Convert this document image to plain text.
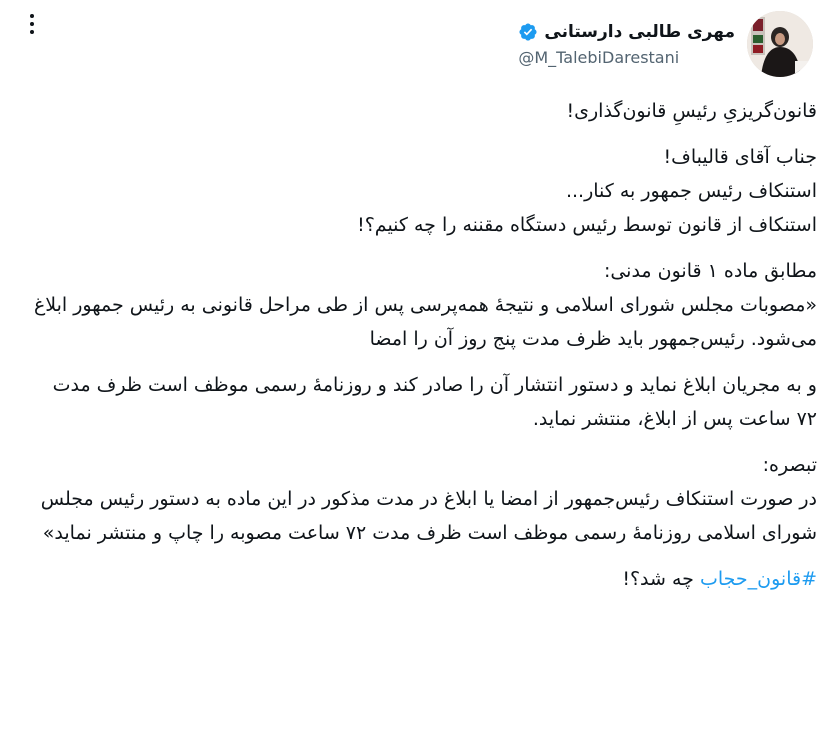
مهری طالبی دارستانی
@M_TalebiDarestani

قانون‌گریزیِ رئیسِ قانون‌گذاری!

جناب آقای قالیباف!
استنکاف رئیس جمهور به کنار...
استنکاف از قانون توسط رئیس دستگاه مقننه را چه کنیم؟!

مطابق ماده ۱ قانون مدنی:
«مصوبات مجلس شورای اسلامی و نتیجهٔ همه‌پرسی پس از طی مراحل قانونی به رئیس جمهور ابلاغ می‌شود. رئیس‌جمهور باید ظرف مدت پنج روز آن را امضا

و به مجریان ابلاغ نماید و دستور انتشار آن را صادر کند و روزنامهٔ رسمی موظف است ظرف مدت ۷۲ ساعت پس از ابلاغ، منتشر نماید.

تبصره:
در صورت استنکاف رئیس‌جمهور از امضا یا ابلاغ در مدت مذکور در این ماده به دستور رئیس مجلس شورای اسلامی روزنامهٔ رسمی موظف است ظرف مدت ۷۲ ساعت مصوبه را چاپ و منتشر نماید»

#قانون_حجاب چه شد؟!
